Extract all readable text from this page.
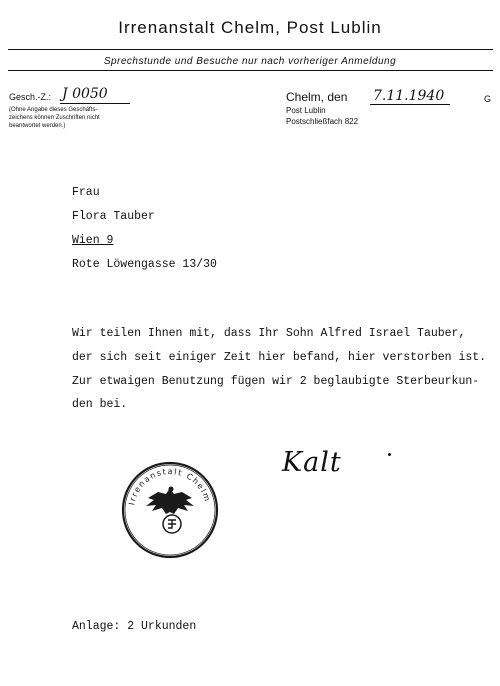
Irrenanstalt Chelm, Post Lublin
Sprechstunde und Besuche nur nach vorheriger Anmeldung
Gesch.-Z.: J 0050
(Ohne Angabe dieses Geschäfts-
zeichens können Zuschriften nicht
beantwortet werden.)
Chelm, den 7.11.1940	G
Post Lublin
Postschließfach 822
Frau
Flora Tauber
Wien 9
Rote Löwengasse 13/30
Wir teilen Ihnen mit, dass Ihr Sohn Alfred Israel Tauber,
der sich seit einiger Zeit hier befand, hier verstorben ist.
Zur etwaigen Benutzung fügen wir 2 beglaubigte Sterbeurkun-
den bei.
Kalt
Irrenanstalt Chelm
Anlage: 2 Urkunden
